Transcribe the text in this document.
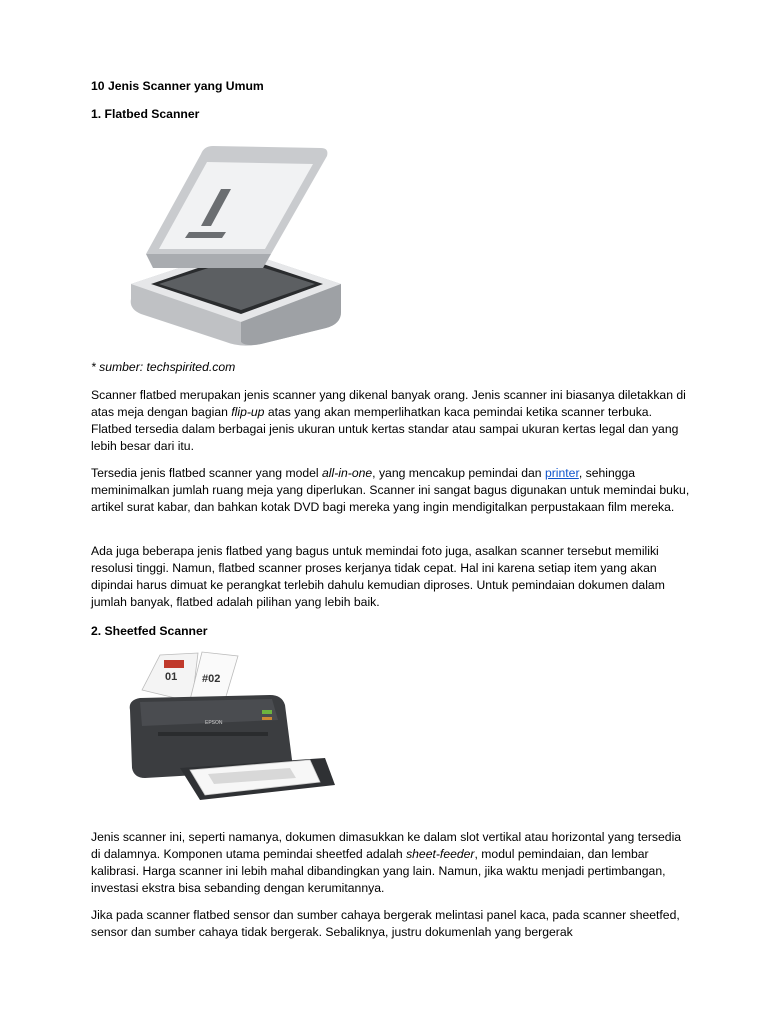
10 Jenis Scanner yang Umum
1. Flatbed Scanner
* sumber: techspirited.com

Scanner flatbed merupakan jenis scanner yang dikenal banyak orang. Jenis scanner ini biasanya diletakkan di atas meja dengan bagian flip-up atas yang akan memperlihatkan kaca pemindai ketika scanner terbuka. Flatbed tersedia dalam berbagai jenis ukuran untuk kertas standar atau sampai ukuran kertas legal dan yang lebih besar dari itu.

Tersedia jenis flatbed scanner yang model all-in-one, yang mencakup pemindai dan printer, sehingga meminimalkan jumlah ruang meja yang diperlukan. Scanner ini sangat bagus digunakan untuk memindai buku, artikel surat kabar, dan bahkan kotak DVD bagi mereka yang ingin mendigitalkan perpustakaan film mereka.

Ada juga beberapa jenis flatbed yang bagus untuk memindai foto juga, asalkan scanner tersebut memiliki resolusi tinggi. Namun, flatbed scanner proses kerjanya tidak cepat. Hal ini karena setiap item yang akan dipindai harus dimuat ke perangkat terlebih dahulu kemudian diproses. Untuk pemindaian dokumen dalam jumlah banyak, flatbed adalah pilihan yang lebih baik.

2. Sheetfed Scanner
01 #02
EPSON

Jenis scanner ini, seperti namanya, dokumen dimasukkan ke dalam slot vertikal atau horizontal yang tersedia di dalamnya. Komponen utama pemindai sheetfed adalah sheet-feeder, modul pemindaian, dan lembar kalibrasi. Harga scanner ini lebih mahal dibandingkan yang lain. Namun, jika waktu menjadi pertimbangan, investasi ekstra bisa sebanding dengan kerumitannya.

Jika pada scanner flatbed sensor dan sumber cahaya bergerak melintasi panel kaca, pada scanner sheetfed, sensor dan sumber cahaya tidak bergerak. Sebaliknya, justru dokumenlah yang bergerak
